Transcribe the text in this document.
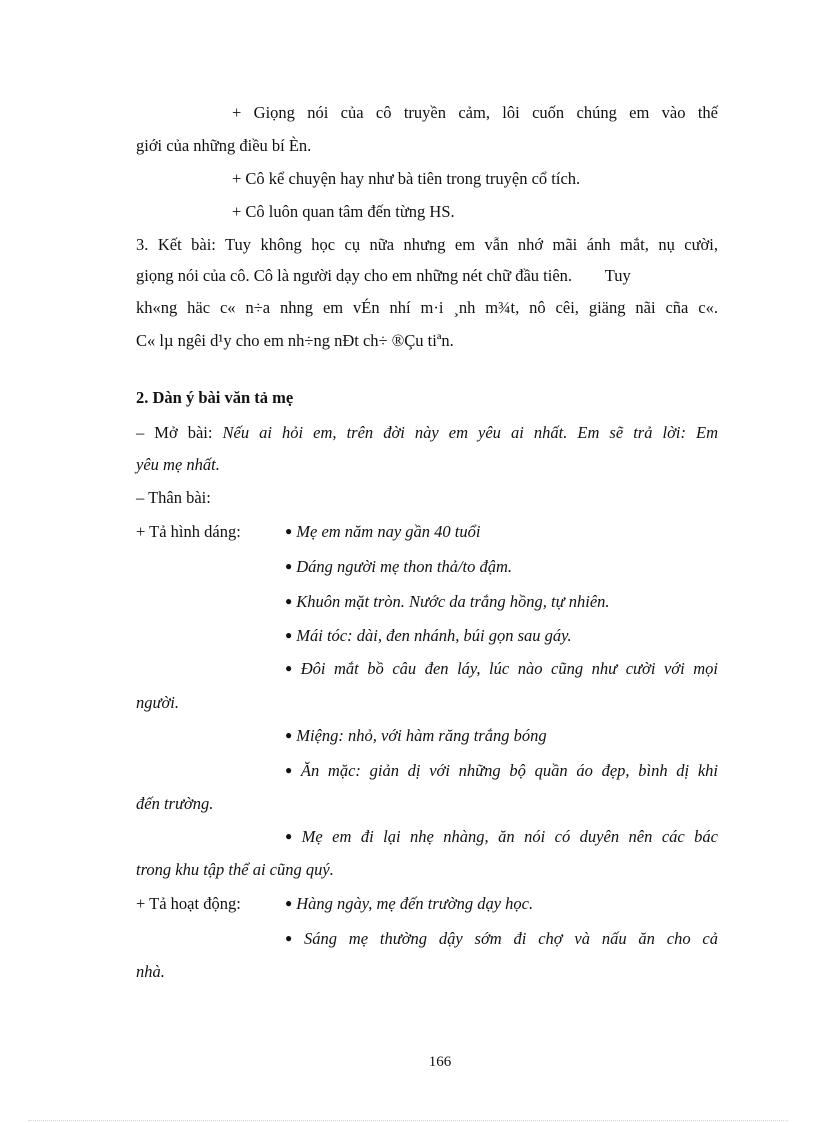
+ Giọng nói của cô truyền cảm, lôi cuốn chúng em vào thế
giới của những điều bí Èn.
+ Cô kể chuyện hay như bà tiên trong truyện cổ tích.
+ Cô luôn quan tâm đến từng HS.
3. Kết bài: Tuy không học cụ nữa nhưng em vẫn nhớ mãi ánh mắt, nụ cười,
giọng nói của cô. Cô là người dạy cho em những nét chữ đầu tiên.        Tuy
kh«ng häc c« n÷a nhng em vÉn nhí m·i ¸nh m¾t, nô cêi, giäng nãi cña c«.
C« lµ ngêi d¹y cho em nh÷ng nÐt ch÷ ®Çu tiªn.
2. Dàn ý bài văn tả mẹ
– Mở bài: Nếu ai hỏi em, trên đời này em yêu ai nhất. Em sẽ trả lời: Em
yêu mẹ nhất.
– Thân bài:
+ Tả hình dáng:	● Mẹ em năm nay gần 40 tuổi
● Dáng người mẹ thon thả/to đậm.
● Khuôn mặt tròn. Nước da trắng hồng, tự nhiên.
● Mái tóc: dài, đen nhánh, búi gọn sau gáy.
● Đôi mắt bồ câu đen láy, lúc nào cũng như cười với mọi
người.
● Miệng: nhỏ, với hàm răng trắng bóng
● Ăn mặc: giản dị với những bộ quần áo đẹp, bình dị khi
đến trường.
● Mẹ em đi lại nhẹ nhàng, ăn nói có duyên nên các bác
trong khu tập thể ai cũng quý.
+ Tả hoạt động:	● Hàng ngày, mẹ đến trường dạy học.
● Sáng mẹ thường dậy sớm đi chợ và nấu ăn cho cả
nhà.
166
